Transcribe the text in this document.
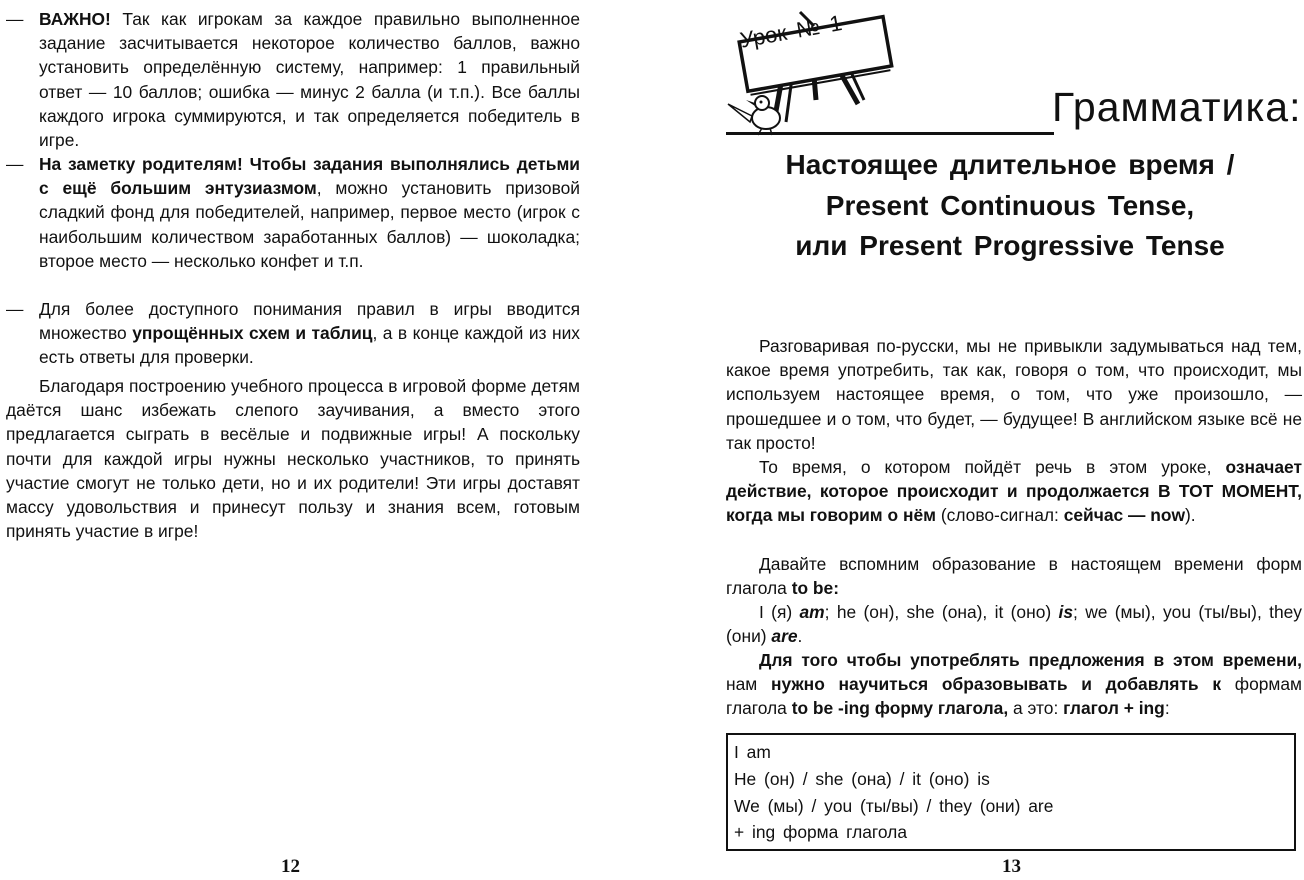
— ВАЖНО! Так как игрокам за каждое правильно выполненное задание засчитывается некоторое количество баллов, важно установить определённую систему, например: 1 правильный ответ — 10 баллов; ошибка — минус 2 балла (и т.п.). Все баллы каждого игрока суммируются, и так определяется победитель в игре.

— На заметку родителям! Чтобы задания выполнялись детьми с ещё большим энтузиазмом, можно установить призовой сладкий фонд для победителей, например, первое место (игрок с наибольшим количеством заработанных баллов) — шоколадка; второе место — несколько конфет и т.п.

— Для более доступного понимания правил в игры вводится множество упрощённых схем и таблиц, а в конце каждой из них есть ответы для проверки.

Благодаря построению учебного процесса в игровой форме детям даётся шанс избежать слепого заучивания, а вместо этого предлагается сыграть в весёлые и подвижные игры! А поскольку почти для каждой игры нужны несколько участников, то принять участие смогут не только дети, но и их родители! Эти игры доставят массу удовольствия и принесут пользу и знания всем, готовым принять участие в игре!

12
Урок № 1
Грамматика:
Настоящее длительное время /
Present Continuous Tense,
или Present Progressive Tense

Разговаривая по-русски, мы не привыкли задумываться над тем, какое время употребить, так как, говоря о том, что происходит, мы используем настоящее время, о том, что уже произошло, — прошедшее и о том, что будет, — будущее! В английском языке всё не так просто!

То время, о котором пойдёт речь в этом уроке, означает действие, которое происходит и продолжается В ТОТ МОМЕНТ, когда мы говорим о нём (слово-сигнал: сейчас — now).

Давайте вспомним образование в настоящем времени форм глагола to be:

I (я) am; he (он), she (она), it (оно) is; we (мы), you (ты/вы), they (они) are.

Для того чтобы употреблять предложения в этом времени, нам нужно научиться образовывать и добавлять к формам глагола to be -ing форму глагола, а это: глагол + ing:

I am
He (он) / she (она) / it (оно) is
We (мы) / you (ты/вы) / they (они) are
+ ing форма глагола
13
